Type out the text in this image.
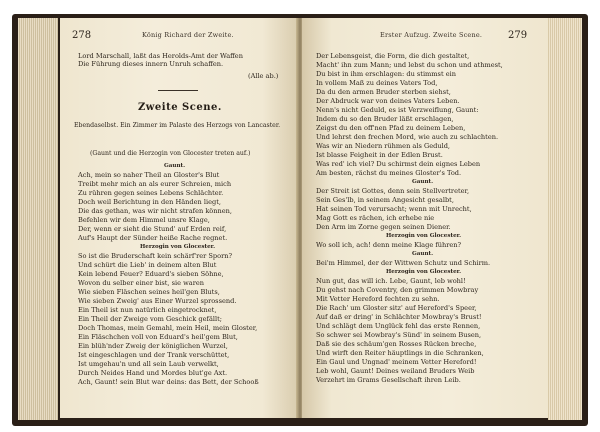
278	König Richard der Zweite.
Lord Marschall, laßt das Herolds-Amt der Waffen
Die Führung dieses innern Unruh schaffen.
(Alle ab.)
Zweite Scene.
Ebendaselbst. Ein Zimmer im Palaste des Herzogs von Lancaster.
(Gaunt und die Herzogin von Glocester treten auf.)
Gaunt.
Ach, mein so naher Theil an Gloster's Blut
Treibt mehr mich an als eurer Schreien, mich
Zu rühren gegen seines Lebens Schlächter.
Doch weil Berichtung in den Händen liegt,
Die das gethan, was wir nicht strafen können,
Befehlen wir dem Himmel unsre Klage,
Der, wenn er sieht die Stund' auf Erden reif,
Auf's Haupt der Sünder heiße Rache regnet.
Herzogin von Glocester.
So ist die Bruderschaft kein schärf'rer Sporn?
Und schürt die Lieb' in deinem alten Blut
Kein lebend Feuer? Eduard's sieben Söhne,
Wovon du selber einer bist, sie waren
Wie sieben Fläschen seines heil'gen Bluts,
Wie sieben Zweig' aus Einer Wurzel sprossend.
Ein Theil ist nun natürlich eingetrocknet,
Ein Theil der Zweige vom Geschick gefällt;
Doch Thomas, mein Gemahl, mein Heil, mein Gloster,
Ein Fläschchen voll von Eduard's heil'gem Blut,
Ein blüh'nder Zweig der königlichen Wurzel,
Ist eingeschlagen und der Trank verschüttet,
Ist umgehau'n und all sein Laub verwelkt,
Durch Neides Hand und Mordes blut'ge Axt.
Ach, Gaunt! sein Blut war deins: das Bett, der Schooß
Erster Aufzug. Zweite Scene.	279
Der Lebensgeist, die Form, die dich gestaltet,
Macht' ihn zum Mann; und lebst du schon und athmest,
Du bist in ihm erschlagen: du stimmst ein
In vollem Maß zu deines Vaters Tod,
Da du den armen Bruder sterben siehst,
Der Abdruck war von deines Vaters Leben.
Nenn's nicht Geduld, es ist Verzweiflung, Gaunt:
Indem du so den Bruder läßt erschlagen,
Zeigst du den off'nen Pfad zu deinem Leben,
Und lehrst den frechen Mord, wie auch zu schlachten.
Was wir an Niedern rühmen als Geduld,
Ist blasse Feigheit in der Edlen Brust.
Was red' ich viel? Du schirmst dein eignes Leben
Am besten, rächst du meines Gloster's Tod.
Gaunt.
Der Streit ist Gottes, denn sein Stellvertreter,
Sein Ges'lb, in seinem Angesicht gesalbt,
Hat seinen Tod verursacht; wenn mit Unrecht,
Mag Gott es rächen, ich erhebe nie
Den Arm im Zorne gegen seinen Diener.
Herzogin von Glocester.
Wo soll ich, ach! denn meine Klage führen?
Gaunt.
Bei'm Himmel, der der Wittwen Schutz und Schirm.
Herzogin von Glocester.
Nun gut, das will ich. Lebe, Gaunt, leb wohl!
Du gehst nach Coventry, den grimmen Mowbray
Mit Vetter Hereford fechten zu sehn.
Die Rach' um Gloster sitz' auf Hereford's Speer,
Auf daß er dring' in Schlächter Mowbray's Brust!
Und schlägt dem Unglück fehl das erste Rennen,
So schwer sei Mowbray's Sünd' in seinem Busen,
Daß sie des schäum'gen Rosses Rücken breche,
Und wirft den Reiter häuptlings in die Schranken,
Ein Gaul und Ungnad' meinem Vetter Hereford!
Leb wohl, Gaunt! Deines weiland Bruders Weib
Verzehrt im Grams Gesellschaft ihren Leib.
